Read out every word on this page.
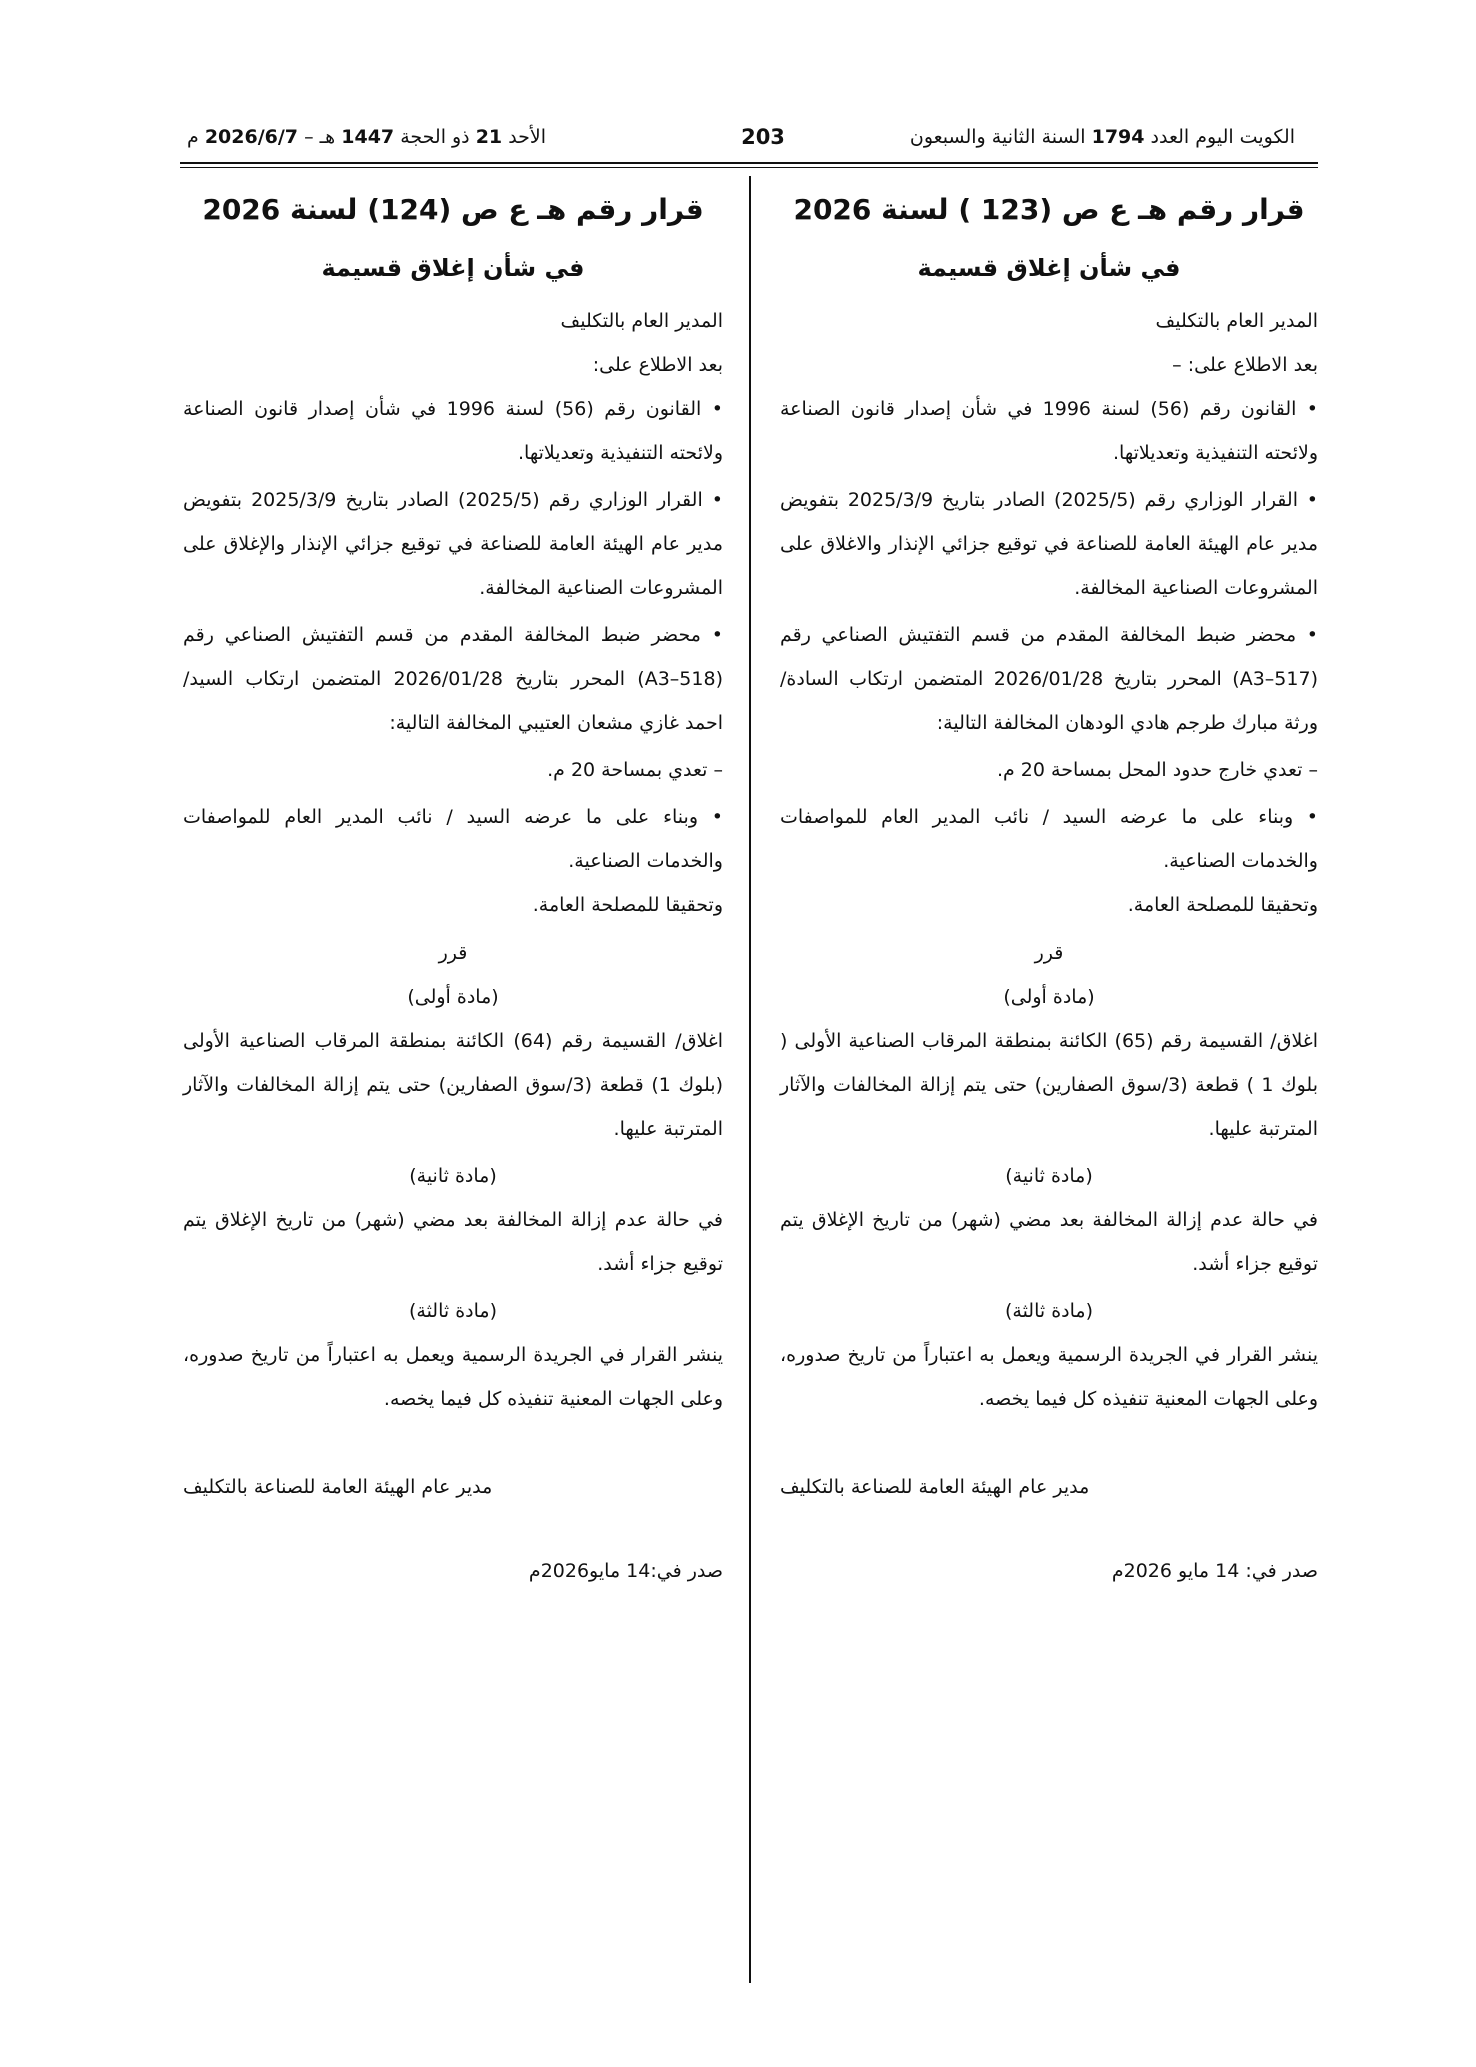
الكويت اليوم العدد 1794 السنة الثانية والسبعون
203
الأحد 21 ذو الحجة 1447 هـ – 2026/6/7 م
قرار رقم هـ ع ص (123 ) لسنة 2026
في شأن إغلاق قسيمة

المدير العام بالتكليف

بعد الاطلاع على: –

• القانون رقم (56) لسنة 1996 في شأن إصدار قانون الصناعة ولائحته التنفيذية وتعديلاتها.

• القرار الوزاري رقم (2025/5) الصادر بتاريخ 2025/3/9 بتفويض مدير عام الهيئة العامة للصناعة في توقيع جزائي الإنذار والاغلاق على المشروعات الصناعية المخالفة.

• محضر ضبط المخالفة المقدم من قسم التفتيش الصناعي رقم (A3–517) المحرر بتاريخ 2026/01/28 المتضمن ارتكاب السادة/ ورثة مبارك طرجم هادي الودهان المخالفة التالية:

– تعدي خارج حدود المحل بمساحة 20 م.

• وبناء على ما عرضه السيد / نائب المدير العام للمواصفات والخدمات الصناعية.

وتحقيقا للمصلحة العامة.

قرر

(مادة أولى)

اغلاق/ القسيمة رقم (65) الكائنة بمنطقة المرقاب الصناعية الأولى ( بلوك 1 ) قطعة (3/سوق الصفارين) حتى يتم إزالة المخالفات والآثار المترتبة عليها.

(مادة ثانية)

في حالة عدم إزالة المخالفة بعد مضي (شهر) من تاريخ الإغلاق يتم توقيع جزاء أشد.

(مادة ثالثة)

ينشر القرار في الجريدة الرسمية ويعمل به اعتباراً من تاريخ صدوره، وعلى الجهات المعنية تنفيذه كل فيما يخصه.

مدير عام الهيئة العامة للصناعة بالتكليف

صدر في: 14 مايو 2026م

قرار رقم هـ ع ص (124) لسنة 2026
في شأن إغلاق قسيمة

المدير العام بالتكليف

بعد الاطلاع على:

• القانون رقم (56) لسنة 1996 في شأن إصدار قانون الصناعة ولائحته التنفيذية وتعديلاتها.

• القرار الوزاري رقم (2025/5) الصادر بتاريخ 2025/3/9 بتفويض مدير عام الهيئة العامة للصناعة في توقيع جزائي الإنذار والإغلاق على المشروعات الصناعية المخالفة.

• محضر ضبط المخالفة المقدم من قسم التفتيش الصناعي رقم (A3–518) المحرر بتاريخ 2026/01/28 المتضمن ارتكاب السيد/ احمد غازي مشعان العتيبي المخالفة التالية:

– تعدي بمساحة 20 م.

• وبناء على ما عرضه السيد / نائب المدير العام للمواصفات والخدمات الصناعية.

وتحقيقا للمصلحة العامة.

قرر

(مادة أولى)

اغلاق/ القسيمة رقم (64) الكائنة بمنطقة المرقاب الصناعية الأولى (بلوك 1) قطعة (3/سوق الصفارين) حتى يتم إزالة المخالفات والآثار المترتبة عليها.

(مادة ثانية)

في حالة عدم إزالة المخالفة بعد مضي (شهر) من تاريخ الإغلاق يتم توقيع جزاء أشد.

(مادة ثالثة)

ينشر القرار في الجريدة الرسمية ويعمل به اعتباراً من تاريخ صدوره، وعلى الجهات المعنية تنفيذه كل فيما يخصه.

مدير عام الهيئة العامة للصناعة بالتكليف

صدر في:14 مايو2026م
